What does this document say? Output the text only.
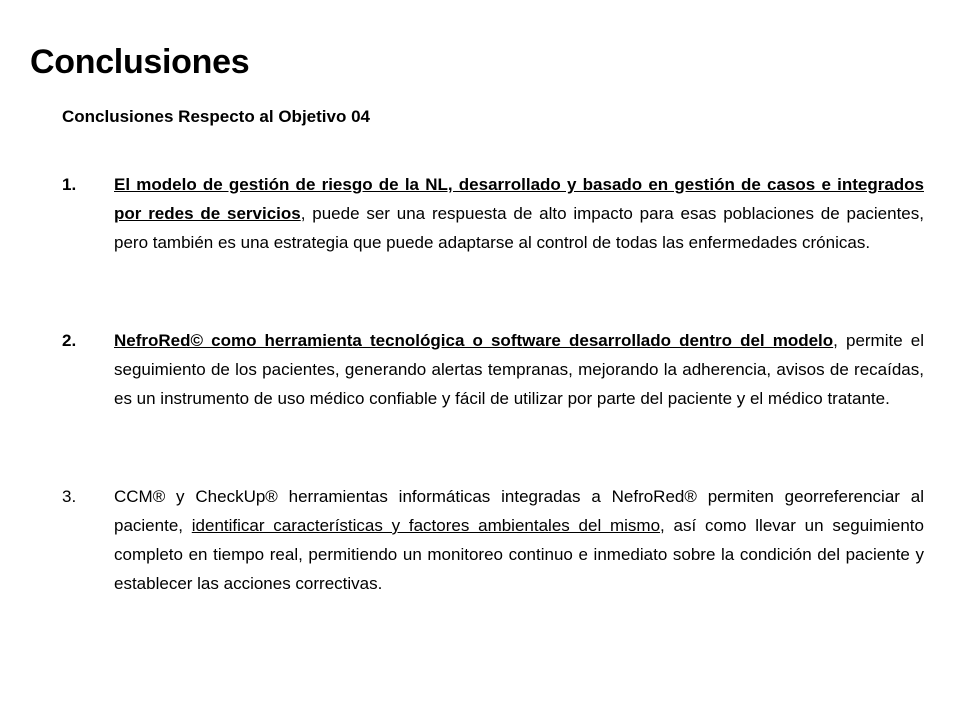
Conclusiones
Conclusiones Respecto al Objetivo 04
1.	El modelo de gestión de riesgo de la NL, desarrollado y basado en gestión de casos e integrados por redes de servicios, puede ser una respuesta de alto impacto para esas poblaciones de pacientes, pero también es una estrategia que puede adaptarse al control de todas las enfermedades crónicas.

2.	NefroRed© como herramienta tecnológica o software desarrollado dentro del modelo, permite el seguimiento de los pacientes, generando alertas tempranas, mejorando la adherencia, avisos de recaídas, es un instrumento de uso médico confiable y fácil de utilizar por parte del paciente y el médico tratante.

3.	CCM® y CheckUp® herramientas informáticas integradas a NefroRed® permiten georreferenciar al paciente, identificar características y factores ambientales del mismo, así como llevar un seguimiento completo en tiempo real, permitiendo un monitoreo continuo e inmediato sobre la condición del paciente y establecer las acciones correctivas.
